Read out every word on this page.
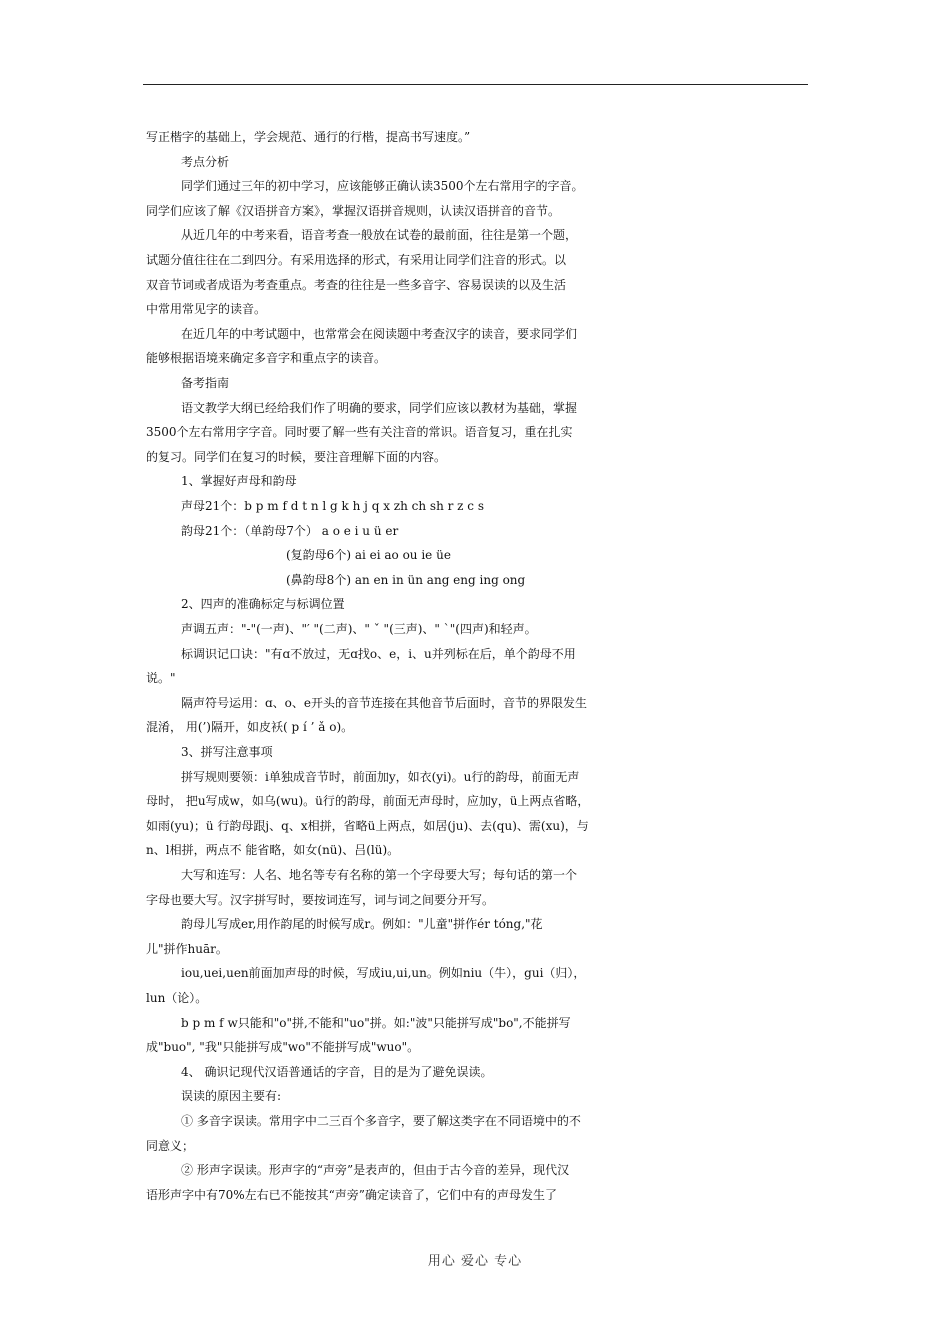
写正楷字的基础上，学会规范、通行的行楷，提高书写速度。”
考点分析
同学们通过三年的初中学习，应该能够正确认读3500个左右常用字的字音。
同学们应该了解《汉语拼音方案》，掌握汉语拼音规则，认读汉语拼音的音节。
从近几年的中考来看，语音考查一般放在试卷的最前面，往往是第一个题，
试题分值往往在二到四分。有采用选择的形式，有采用让同学们注音的形式。以
双音节词或者成语为考查重点。考查的往往是一些多音字、容易误读的以及生活
中常用常见字的读音。
在近几年的中考试题中，也常常会在阅读题中考查汉字的读音，要求同学们
能够根据语境来确定多音字和重点字的读音。
备考指南
语文教学大纲已经给我们作了明确的要求，同学们应该以教材为基础，掌握
3500个左右常用字字音。同时要了解一些有关注音的常识。语音复习，重在扎实
的复习。同学们在复习的时候，要注音理解下面的内容。
1、掌握好声母和韵母
声母21个：b p m f d t n l g k h j q x zh ch sh r z c s
韵母21个：（单韵母7个） a o e i u ü er
(复韵母6个) ai ei ao ou ie üe
(鼻韵母8个) an en in ün ang eng ing ong
2、四声的准确标定与标调位置
声调五声："-"(一声)、"′ "(二声)、" ˇ "(三声)、" `"(四声)和轻声。
标调识记口诀："有ɑ不放过，无ɑ找o、e，i、u并列标在后，单个韵母不用
说。"
隔声符号运用：ɑ、o、e开头的音节连接在其他音节后面时，音节的界限发生
混淆， 用(’)隔开，如皮袄( p í ’ ǎ o)。
3、拼写注意事项
拼写规则要领：i单独成音节时，前面加y，如衣(yi)。u行的韵母，前面无声
母时， 把u写成w，如乌(wu)。ü行的韵母，前面无声母时，应加y，ü上两点省略，
如雨(yu)；ü 行韵母跟j、q、x相拼，省略ü上两点，如居(ju)、去(qu)、需(xu)，与
n、l相拼，两点不 能省略，如女(nü)、吕(lü)。
大写和连写：人名、地名等专有名称的第一个字母要大写；每句话的第一个
字母也要大写。汉字拼写时，要按词连写，词与词之间要分开写。
韵母儿写成er,用作韵尾的时候写成r。例如："儿童"拼作ér tóng,"花
儿"拼作huār。
iou,uei,uen前面加声母的时候，写成iu,ui,un。例如niu（牛），gui（归），
lun（论）。
b p m f w只能和"o"拼,不能和"uo"拼。如:"波"只能拼写成"bo",不能拼写
成"buo", "我"只能拼写成"wo"不能拼写成"wuo"。
4、 确识记现代汉语普通话的字音，目的是为了避免误读。
误读的原因主要有:
① 多音字误读。常用字中二三百个多音字，要了解这类字在不同语境中的不
同意义；
② 形声字误读。形声字的“声旁”是表声的，但由于古今音的差异，现代汉
语形声字中有70%左右已不能按其“声旁”确定读音了，它们中有的声母发生了
用心 爱心 专心
